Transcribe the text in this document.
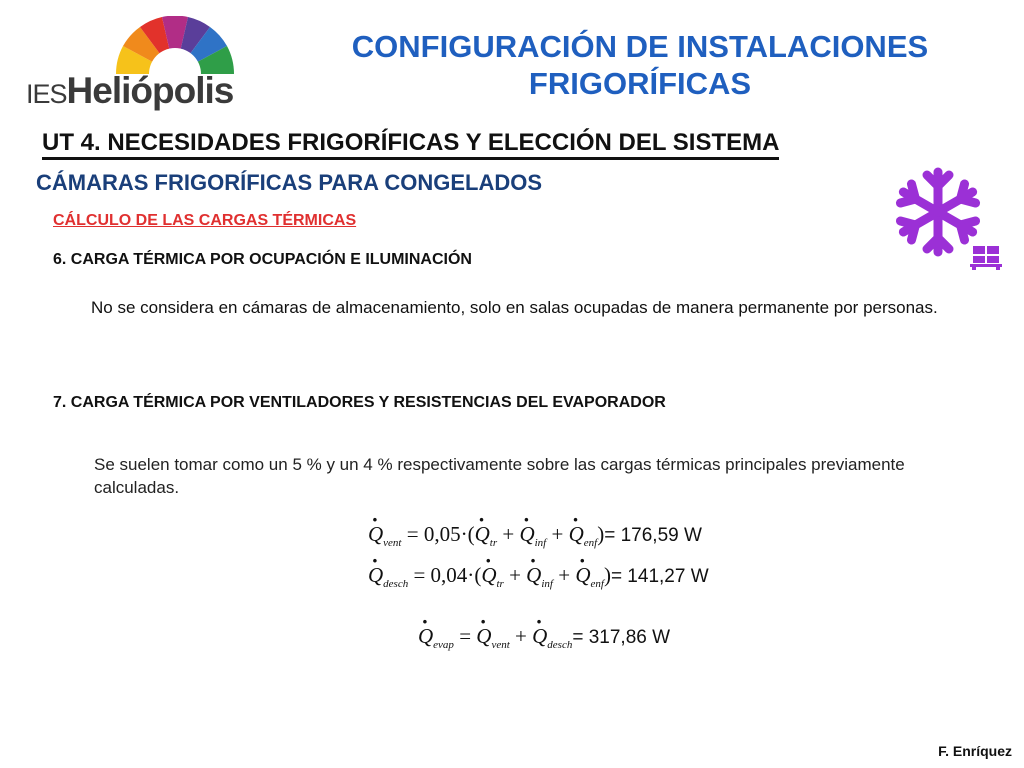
IESHeliópolis
CONFIGURACIÓN DE INSTALACIONES
FRIGORÍFICAS
UT 4. NECESIDADES FRIGORÍFICAS Y ELECCIÓN DEL SISTEMA
CÁMARAS FRIGORÍFICAS PARA CONGELADOS
CÁLCULO DE LAS CARGAS TÉRMICAS
6. CARGA TÉRMICA POR OCUPACIÓN E ILUMINACIÓN
No se considera en cámaras de almacenamiento, solo en salas ocupadas de manera permanente por personas.
7. CARGA TÉRMICA POR VENTILADORES Y RESISTENCIAS DEL EVAPORADOR
Se suelen tomar como un 5 % y un 4 % respectivamente sobre las cargas térmicas principales previamente calculadas.
· $Q_{vent} = 0,05\cdot(\cdot Q_{tr}$ + · $Q_{inf}$ + · $Q_{enf})= 176,59$ W
· $Q_{desch} = 0,04\cdot(\cdot Q_{tr}$ + · $Q_{inf}$ + · $Q_{enf})= 141,27$ W
· $Q_{evap}$ = · $Q_{vent}$ + · $Q_{desch}= 317,86$ W
F. Enríquez
